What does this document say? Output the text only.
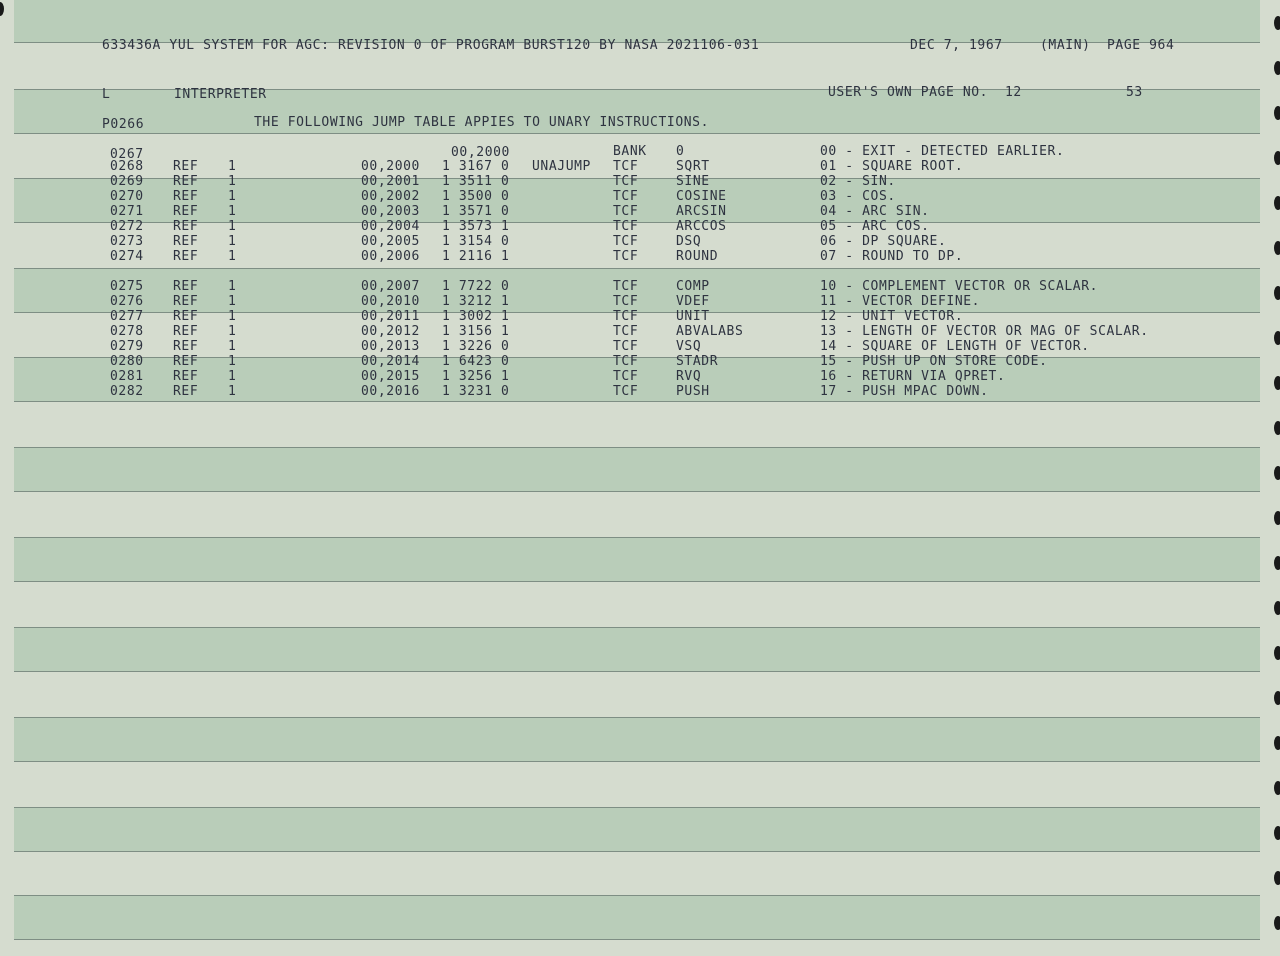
633436A YUL SYSTEM FOR AGC: REVISION 0 OF PROGRAM BURST120 BY NASA 2021106-031	DEC 7, 1967	(MAIN) PAGE 964
L	INTERPRETER	USER'S OWN PAGE NO.  12	53
P0266	THE FOLLOWING JUMP TABLE APPIES TO UNARY INSTRUCTIONS.
0267	00,2000	BANK 0	00 - EXIT - DETECTED EARLIER.
0268 REF 1	00,2000 1 3167 0 UNAJUMP TCF	SQRT	01 - SQUARE ROOT.
0269 REF 1	00,2001 1 3511 0	TCF	SINE	02 - SIN.
0270 REF 1	00,2002 1 3500 0	TCF	COSINE	03 - COS.
0271 REF 1	00,2003 1 3571 0	TCF	ARCSIN	04 - ARC SIN.
0272 REF 1	00,2004 1 3573 1	TCF	ARCCOS	05 - ARC COS.
0273 REF 1	00,2005 1 3154 0	TCF	DSQ	06 - DP SQUARE.
0274 REF 1	00,2006 1 2116 1	TCF	ROUND	07 - ROUND TO DP.
0275 REF 1	00,2007 1 7722 0	TCF	COMP	10 - COMPLEMENT VECTOR OR SCALAR.
0276 REF 1	00,2010 1 3212 1	TCF	VDEF	11 - VECTOR DEFINE.
0277 REF 1	00,2011 1 3002 1	TCF	UNIT	12 - UNIT VECTOR.
0278 REF 1	00,2012 1 3156 1	TCF	ABVALABS	13 - LENGTH OF VECTOR OR MAG OF SCALAR.
0279 REF 1	00,2013 1 3226 0	TCF	VSQ	14 - SQUARE OF LENGTH OF VECTOR.
0280 REF 1	00,2014 1 6423 0	TCF	STADR	15 - PUSH UP ON STORE CODE.
0281 REF 1	00,2015 1 3256 1	TCF	RVQ	16 - RETURN VIA QPRET.
0282 REF 1	00,2016 1 3231 0	TCF	PUSH	17 - PUSH MPAC DOWN.
